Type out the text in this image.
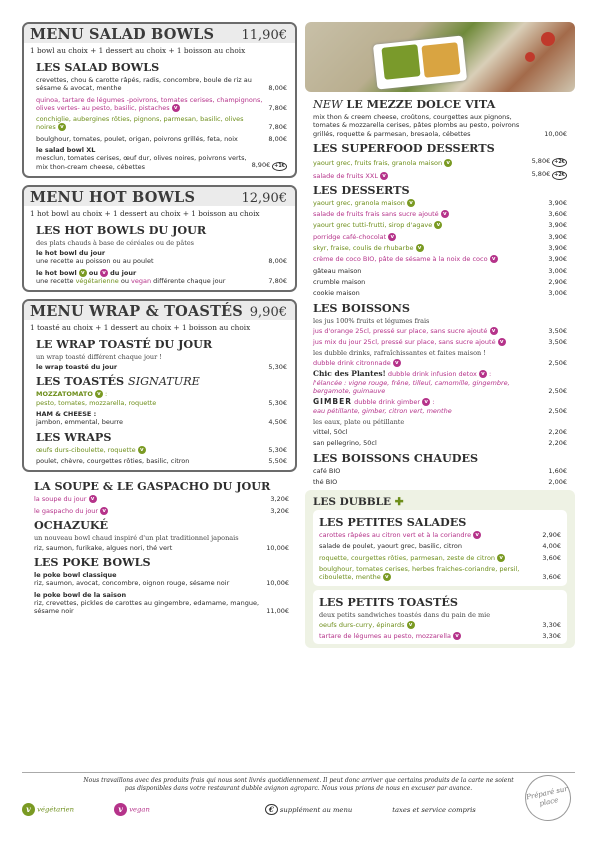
MENU SALAD BOWLS 11,90€
1 bowl au choix + 1 dessert au choix + 1 boisson au choix
LES SALAD BOWLS
crevettes, chou & carotte râpés, radis, concombre, boule de riz au sésame & avocat, menthe	8,00€
quinoa, tartare de légumes -poivrons, tomates cerises, champignons, olives vertes- au pesto, basilic, pistaches v	7,80€
conchiglie, aubergines rôties, pignons, parmesan, basilic, olives noires v	7,80€
boulghour, tomates, poulet, origan, poivrons grillés, feta, noix	8,00€
le salad bowl XL
mesclun, tomates cerises, œuf dur, olives noires, poivrons verts, mix thon-cream cheese, cébettes	8,90€ +1€
MENU HOT BOWLS	12,90€
1 hot bowl au choix + 1 dessert au choix + 1 boisson au choix
LES HOT BOWLS DU JOUR
des plats chauds à base de céréales ou de pâtes
le hot bowl du jour
une recette au poisson ou au poulet	8,00€
le hot bowl v ou v du jour
une recette végétarienne ou vegan différente chaque jour	7,80€
MENU WRAP & TOASTÉS 9,90€
1 toasté au choix + 1 dessert au choix + 1 boisson au choix
LE WRAP TOASTÉ DU JOUR
un wrap toasté différent chaque jour !
le wrap toasté du jour	5,30€
LES TOASTÉS SIGNATURE
MOZZATOMATO v :
pesto, tomates, mozzarella, roquette	5,30€
HAM & CHEESE :
jambon, emmental, beurre	4,50€
LES WRAPS
œufs durs-ciboulette, roquette v	5,30€
poulet, chèvre, courgettes rôties, basilic, citron	5,50€
LA SOUPE & LE GASPACHO DU JOUR
la soupe du jour v	3,20€
le gaspacho du jour v	3,20€
OCHAZUKÉ
un nouveau bowl chaud inspiré d'un plat traditionnel japonais
riz, saumon, furikake, algues nori, thé vert	10,00€
LES POKE BOWLS
le poke bowl classique
riz, saumon, avocat, concombre, oignon rouge, sésame noir	10,00€
le poke bowl de la saison
riz, crevettes, pickles de carottes au gingembre, edamame, mangue, sésame noir	11,00€
NEW LE MEZZE DOLCE VITA
mix thon & creem cheese, croûtons, courgettes aux pignons, tomates & mozzarella cerises, pâtes plombs au pesto, poivrons grillés, roquette & parmesan, bresaola, cébettes	10,00€
LES SUPERFOOD DESSERTS
yaourt grec, fruits frais, granola maison v	5,80€ +2€
salade de fruits XXL v	5,80€ +2€
LES DESSERTS
yaourt grec, granola maison v	3,90€
salade de fruits frais sans sucre ajouté v	3,60€
yaourt grec tutti-frutti, sirop d'agave v	3,90€
porridge café-chocolat v	3,90€
skyr, fraise, coulis de rhubarbe v	3,90€
crème de coco BIO, pâte de sésame à la noix de coco v	3,90€
gâteau maison	3,00€
crumble maison	2,90€
cookie maison	3,00€
LES BOISSONS
les jus 100% fruits et légumes frais
jus d'orange 25cl, pressé sur place, sans sucre ajouté v	3,50€
jus mix du jour 25cl, pressé sur place, sans sucre ajouté v	3,50€
les dubble drinks, rafraîchissantes et faites maison !
dubble drink citronnade v	2,50€
Chic des Plantes! dubble drink infusion detox v :
l'élancée : vigne rouge, frêne, tilleul, camomille, gingembre, bergamote, guimauve	2,50€
GIMBER dubble drink gimber v :
eau pétillante, gimber, citron vert, menthe	2,50€
les eaux, plate ou pétillante
vittel, 50cl	2,20€
san pellegrino, 50cl	2,20€
LES BOISSONS CHAUDES
café BIO	1,60€
thé BIO	2,00€
LES DUBBLE ✚
LES PETITES SALADES
carottes râpées au citron vert et à la coriandre v	2,90€
salade de poulet, yaourt grec, basilic, citron	4,00€
roquette, courgettes rôties, parmesan, zeste de citron v	3,60€
boulghour, tomates cerises, herbes fraiches-coriandre, persil, ciboulette, menthe v	3,60€
LES PETITS TOASTÉS
deux petits sandwiches toastés dans du pain de mie
oeufs durs-curry, épinards v	3,30€
tartare de légumes au pesto, mozzarella v	3,30€
Nous travaillons avec des produits frais qui nous sont livrés quotidiennement. Il peut donc arriver que certains produits de la carte ne soient pas disponibles dans votre restaurant dubble avignon agroparc. Nous vous prions de nous en excuser par avance.
v végétarien	v vegan	€ supplément au menu	taxes et service compris
Préparé sur place
